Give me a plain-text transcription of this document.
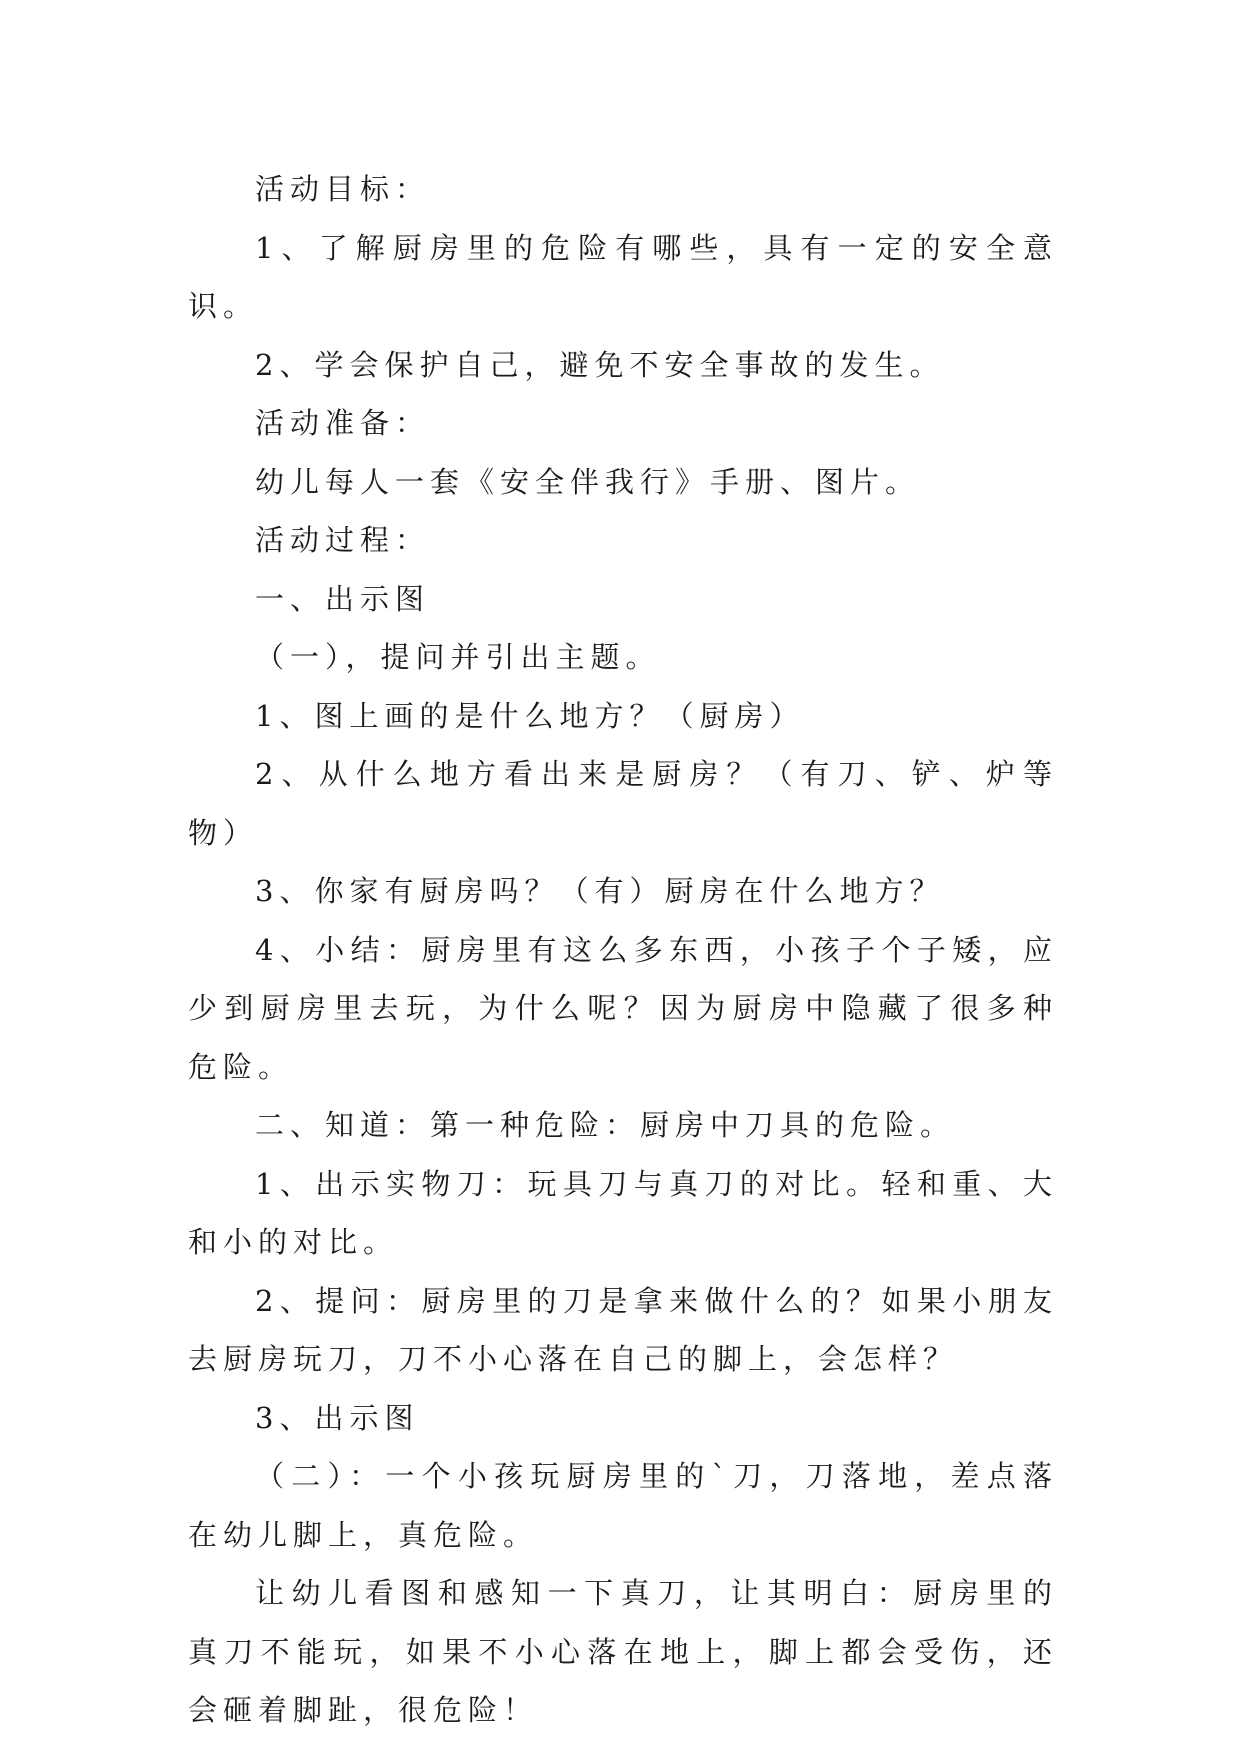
活动目标：

1、了解厨房里的危险有哪些，具有一定的安全意识。

2、学会保护自己，避免不安全事故的发生。

活动准备：

幼儿每人一套《安全伴我行》手册、图片。

活动过程：

一、出示图

（一），提问并引出主题。

1、图上画的是什么地方？（厨房）

2、从什么地方看出来是厨房？（有刀、铲、炉等物）

3、你家有厨房吗？（有）厨房在什么地方？

4、小结：厨房里有这么多东西，小孩子个子矮，应少到厨房里去玩，为什么呢？因为厨房中隐藏了很多种危险。

二、知道：第一种危险：厨房中刀具的危险。

1、出示实物刀：玩具刀与真刀的对比。轻和重、大和小的对比。

2、提问：厨房里的刀是拿来做什么的？如果小朋友去厨房玩刀，刀不小心落在自己的脚上，会怎样？

3、出示图

（二）：一个小孩玩厨房里的`刀，刀落地，差点落在幼儿脚上，真危险。

让幼儿看图和感知一下真刀，让其明白：厨房里的真刀不能玩，如果不小心落在地上，脚上都会受伤，还会砸着脚趾，很危险！
